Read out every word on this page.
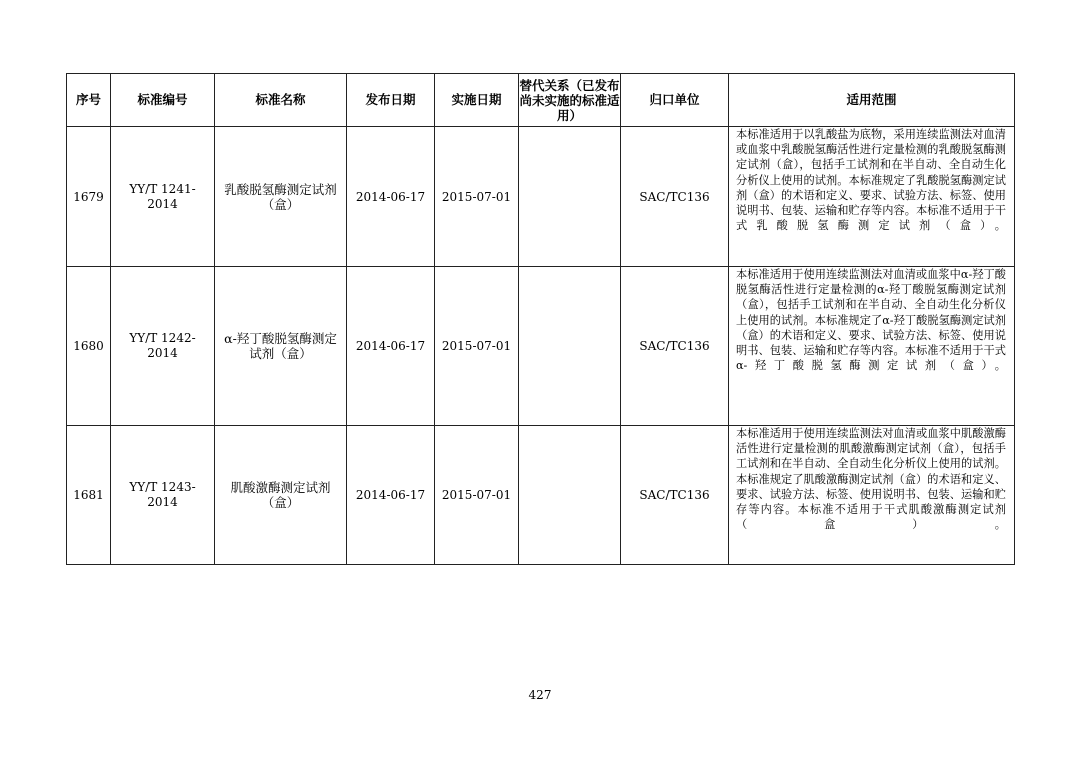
序号	标准编号	标准名称	发布日期	实施日期	替代关系（已发布尚未实施的标准适用）	归口单位	适用范围
1679	YY/T 1241-2014	乳酸脱氢酶测定试剂（盒）	2014-06-17	2015-07-01		SAC/TC136	本标准适用于以乳酸盐为底物，采用连续监测法对血清或血浆中乳酸脱氢酶活性进行定量检测的乳酸脱氢酶测定试剂（盒），包括手工试剂和在半自动、全自动生化分析仪上使用的试剂。本标准规定了乳酸脱氢酶测定试剂（盒）的术语和定义、要求、试验方法、标签、使用说明书、包装、运输和贮存等内容。本标准不适用于干式乳酸脱氢酶测定试剂（盒）。
1680	YY/T 1242-2014	α-羟丁酸脱氢酶测定试剂（盒）	2014-06-17	2015-07-01		SAC/TC136	本标准适用于使用连续监测法对血清或血浆中α-羟丁酸脱氢酶活性进行定量检测的α-羟丁酸脱氢酶测定试剂（盒），包括手工试剂和在半自动、全自动生化分析仪上使用的试剂。本标准规定了α-羟丁酸脱氢酶测定试剂（盒）的术语和定义、要求、试验方法、标签、使用说明书、包装、运输和贮存等内容。本标准不适用于干式α-羟丁酸脱氢酶测定试剂（盒）。
1681	YY/T 1243-2014	肌酸激酶测定试剂（盒）	2014-06-17	2015-07-01		SAC/TC136	本标准适用于使用连续监测法对血清或血浆中肌酸激酶活性进行定量检测的肌酸激酶测定试剂（盒），包括手工试剂和在半自动、全自动生化分析仪上使用的试剂。本标准规定了肌酸激酶测定试剂（盒）的术语和定义、要求、试验方法、标签、使用说明书、包装、运输和贮存等内容。本标准不适用于干式肌酸激酶测定试剂（盒）。
427
